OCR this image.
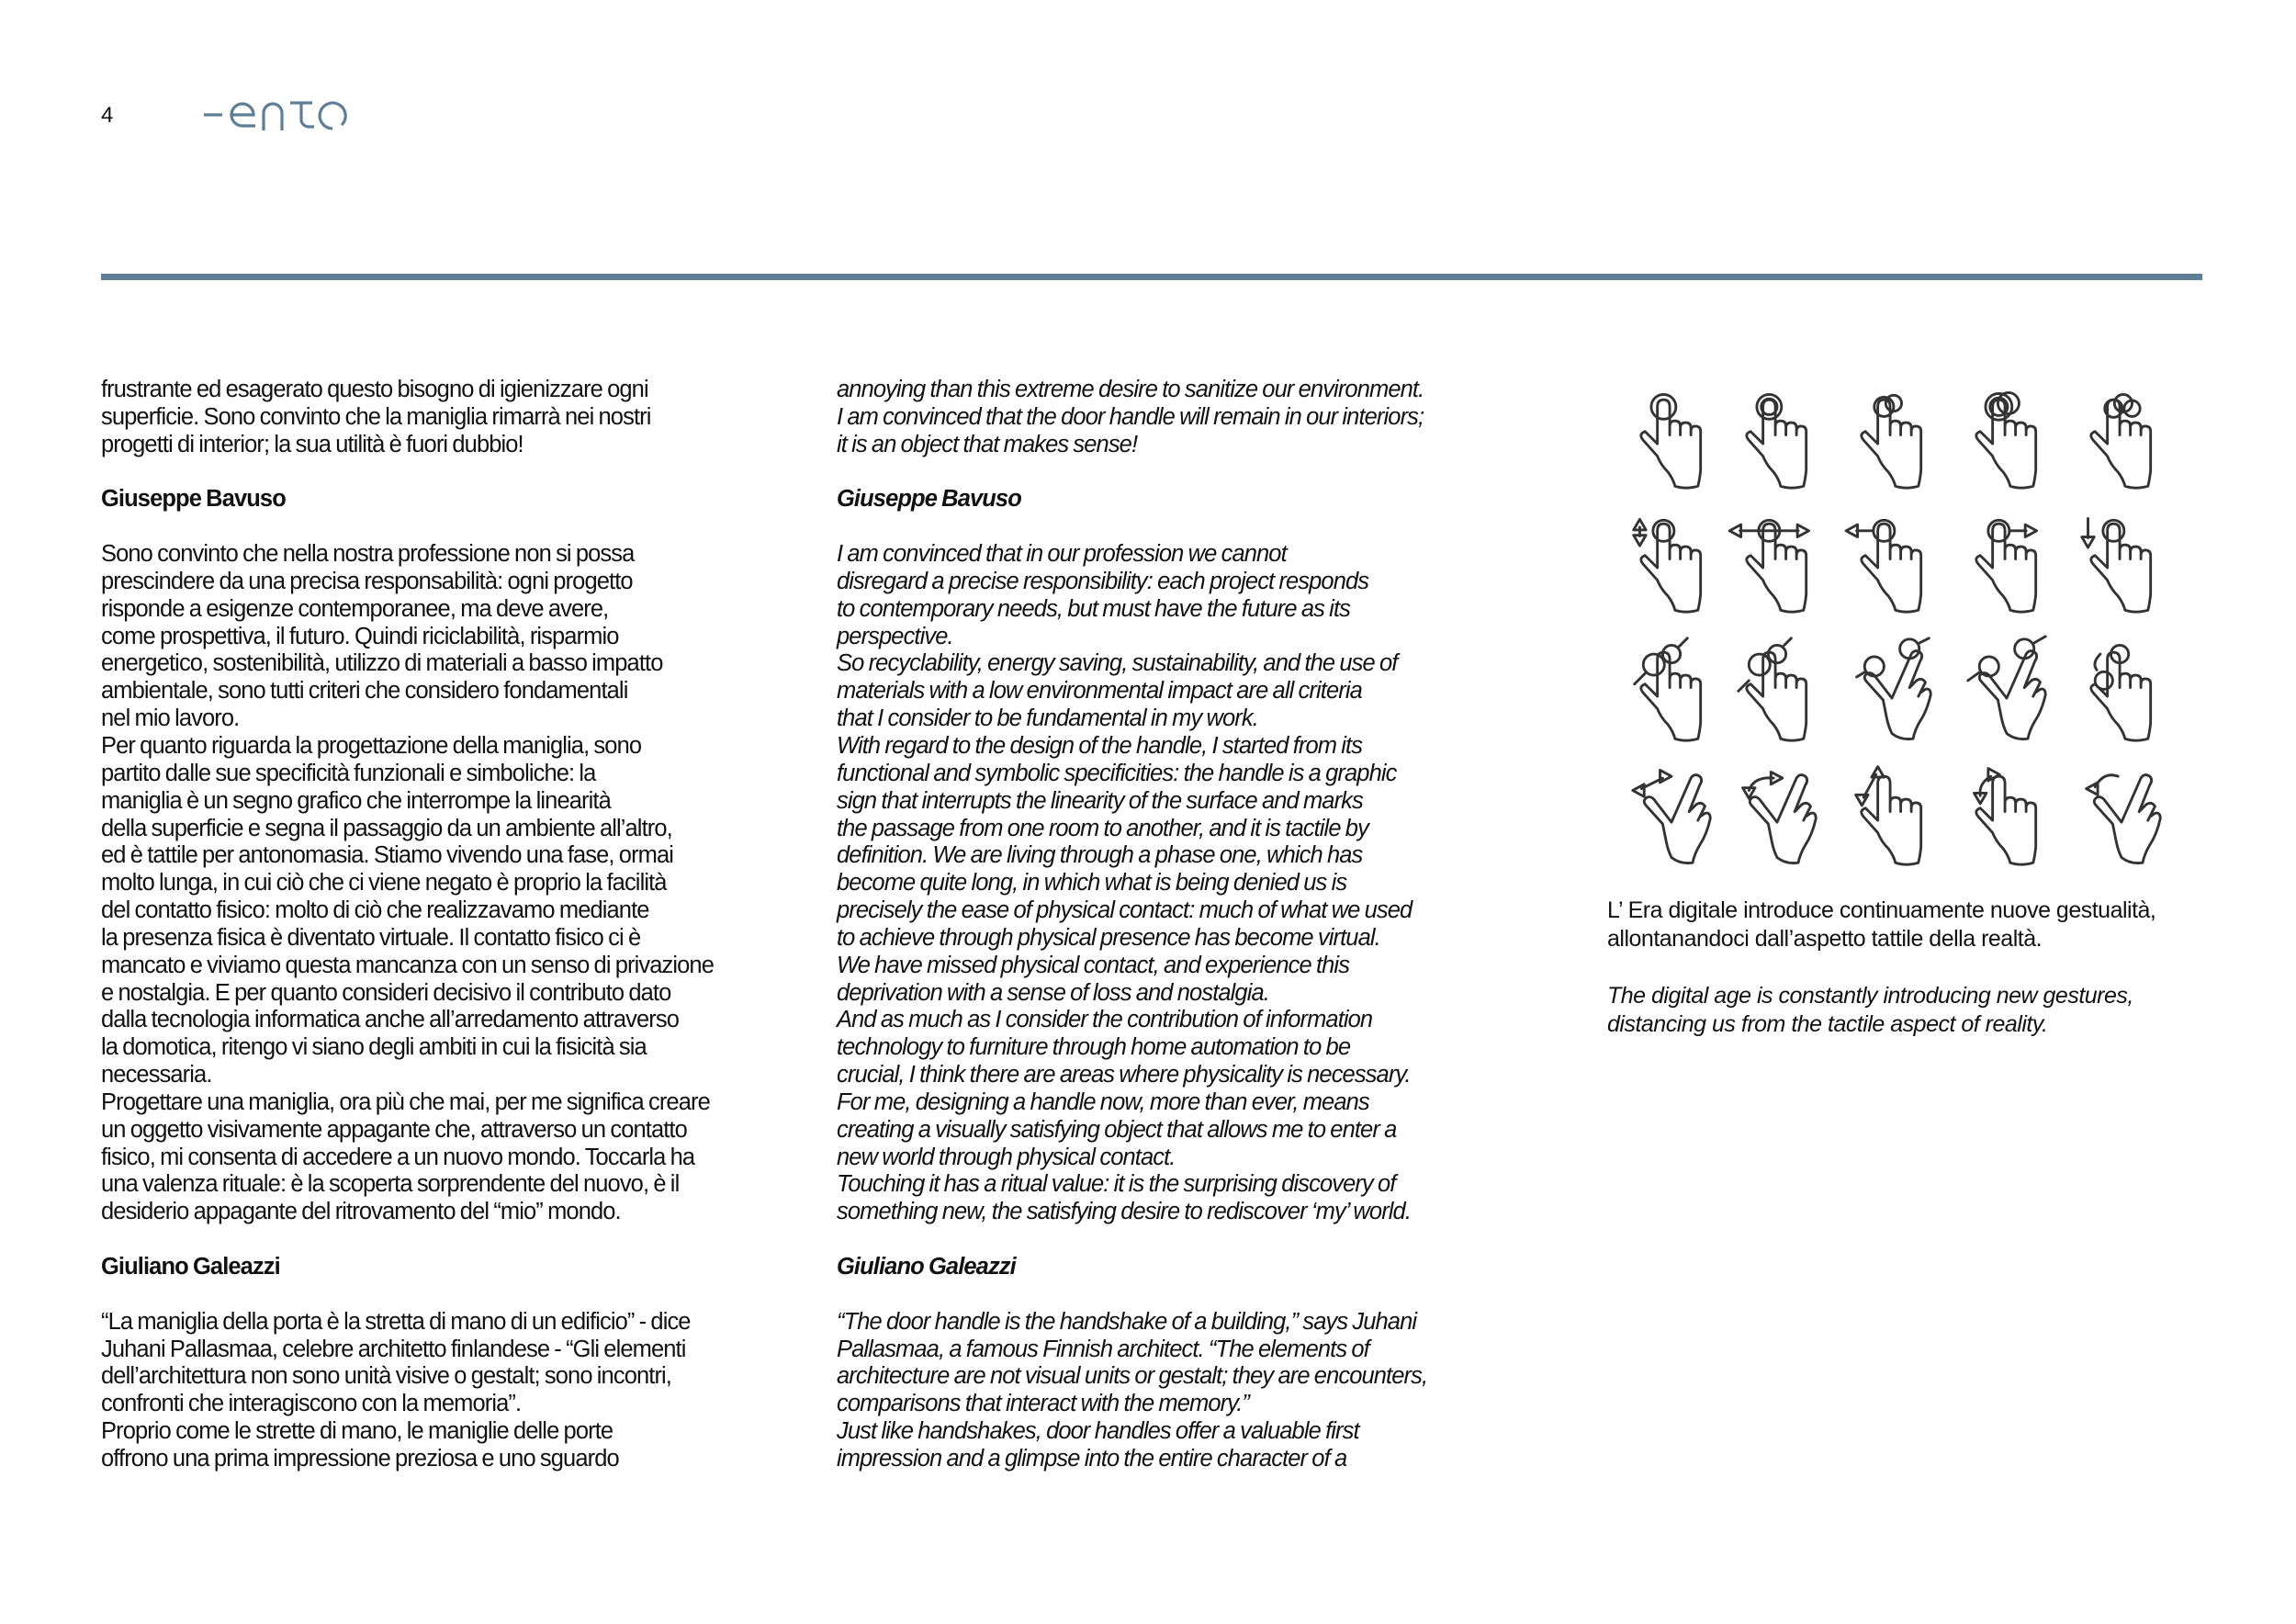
4
frustrante ed esagerato questo bisogno di igienizzare ogni
superficie. Sono convinto che la maniglia rimarrà nei nostri
progetti di interior; la sua utilità è fuori dubbio!
Giuseppe Bavuso
Sono convinto che nella nostra professione non si possa
prescindere da una precisa responsabilità: ogni progetto
risponde a esigenze contemporanee, ma deve avere,
come prospettiva, il futuro. Quindi riciclabilità, risparmio
energetico, sostenibilità, utilizzo di materiali a basso impatto
ambientale, sono tutti criteri che considero fondamentali
nel mio lavoro.
Per quanto riguarda la progettazione della maniglia, sono
partito dalle sue specificità funzionali e simboliche: la
maniglia è un segno grafico che interrompe la linearità
della superficie e segna il passaggio da un ambiente all’altro,
ed è tattile per antonomasia. Stiamo vivendo una fase, ormai
molto lunga, in cui ciò che ci viene negato è proprio la facilità
del contatto fisico: molto di ciò che realizzavamo mediante
la presenza fisica è diventato virtuale. Il contatto fisico ci è
mancato e viviamo questa mancanza con un senso di privazione
e nostalgia. E per quanto consideri decisivo il contributo dato
dalla tecnologia informatica anche all’arredamento attraverso
la domotica, ritengo vi siano degli ambiti in cui la fisicità sia
necessaria.
Progettare una maniglia, ora più che mai, per me significa creare
un oggetto visivamente appagante che, attraverso un contatto
fisico, mi consenta di accedere a un nuovo mondo. Toccarla ha
una valenza rituale: è la scoperta sorprendente del nuovo, è il
desiderio appagante del ritrovamento del “mio” mondo.
Giuliano Galeazzi
“La maniglia della porta è la stretta di mano di un edificio” - dice
Juhani Pallasmaa, celebre architetto finlandese - “Gli elementi
dell’architettura non sono unità visive o gestalt; sono incontri,
confronti che interagiscono con la memoria”.
Proprio come le strette di mano, le maniglie delle porte
offrono una prima impressione preziosa e uno sguardo
annoying than this extreme desire to sanitize our environment.
I am convinced that the door handle will remain in our interiors;
it is an object that makes sense!
Giuseppe Bavuso
I am convinced that in our profession we cannot
disregard a precise responsibility: each project responds
to contemporary needs, but must have the future as its
perspective.
So recyclability, energy saving, sustainability, and the use of
materials with a low environmental impact are all criteria
that I consider to be fundamental in my work.
With regard to the design of the handle, I started from its
functional and symbolic specificities: the handle is a graphic
sign that interrupts the linearity of the surface and marks
the passage from one room to another, and it is tactile by
definition. We are living through a phase one, which has
become quite long, in which what is being denied us is
precisely the ease of physical contact: much of what we used
to achieve through physical presence has become virtual.
We have missed physical contact, and experience this
deprivation with a sense of loss and nostalgia.
And as much as I consider the contribution of information
technology to furniture through home automation to be
crucial, I think there are areas where physicality is necessary.
For me, designing a handle now, more than ever, means
creating a visually satisfying object that allows me to enter a
new world through physical contact.
Touching it has a ritual value: it is the surprising discovery of
something new, the satisfying desire to rediscover ‘my’ world.
Giuliano Galeazzi
“The door handle is the handshake of a building,” says Juhani
Pallasmaa, a famous Finnish architect. “The elements of
architecture are not visual units or gestalt; they are encounters,
comparisons that interact with the memory.”
Just like handshakes, door handles offer a valuable first
impression and a glimpse into the entire character of a
L’ Era digitale introduce continuamente nuove gestualità,
allontanandoci dall’aspetto tattile della realtà.
The digital age is constantly introducing new gestures,
distancing us from the tactile aspect of reality.
